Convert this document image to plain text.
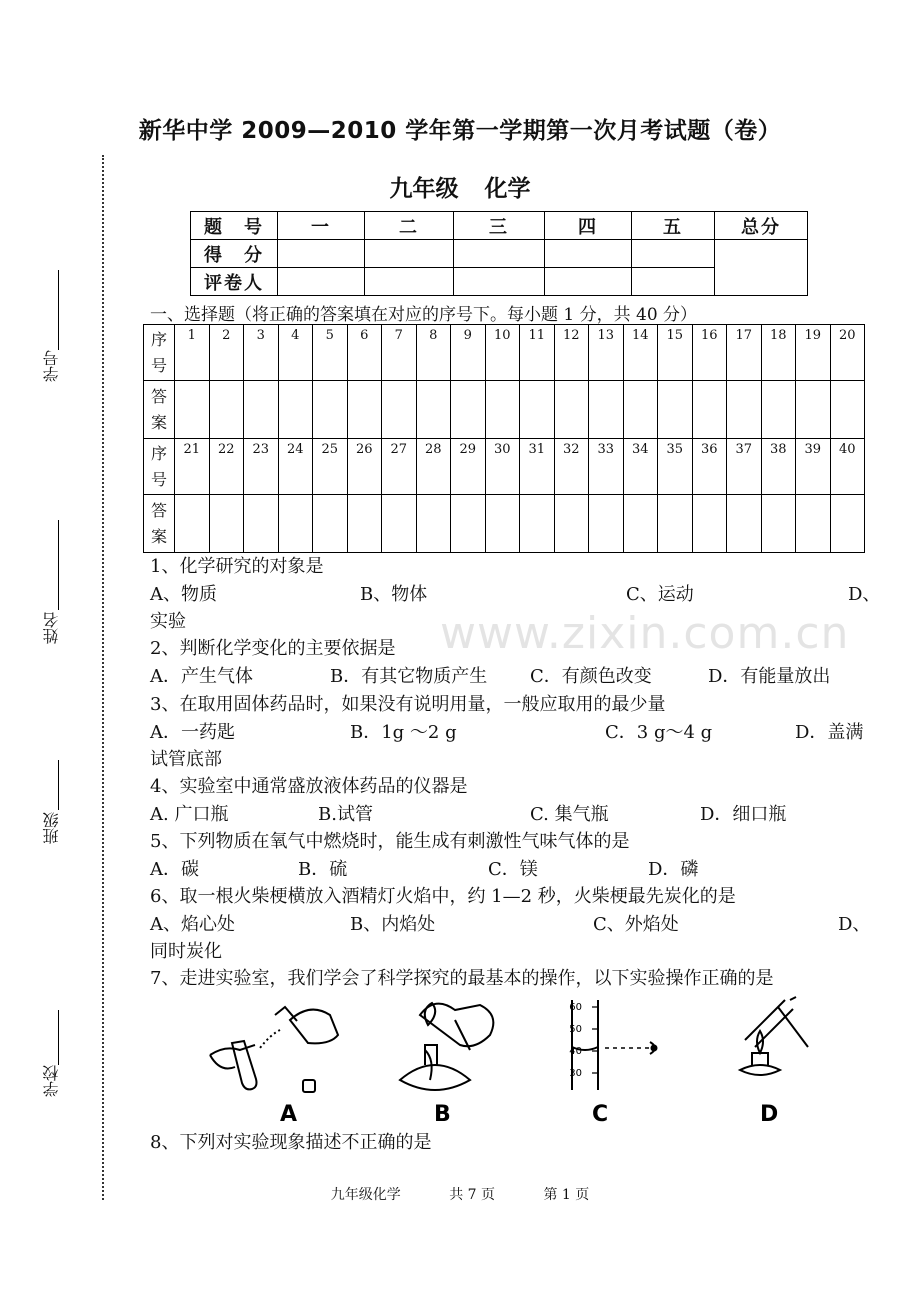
学号
姓名
班级
学校
新华中学 2009—2010 学年第一学期第一次月考试题（卷）
九年级 化学
题　号	一	二	三	四	五	总分
得　分						
评卷人						
一、选择题（将正确的答案填在对应的序号下。每小题 1 分，共 40 分）
序号	1	2	3	4	5	6	7	8	9	10	11	12	13	14	15	16	17	18	19	20
答案																				
序号	21	22	23	24	25	26	27	28	29	30	31	32	33	34	35	36	37	38	39	40
答案																				
1、化学研究的对象是
A、物质	B、物体	C、运动	D、
实验
2、判断化学变化的主要依据是
A．产生气体	B．有其它物质产生 C．有颜色改变	D．有能量放出
3、在取用固体药品时，如果没有说明用量，一般应取用的最少量
A．一药匙	B．1g ～2 g	C．3 g～4 g	D．盖满
试管底部
4、实验室中通常盛放液体药品的仪器是
A. 广口瓶	B.试管	C. 集气瓶	D．细口瓶
5、下列物质在氧气中燃烧时，能生成有刺激性气味气体的是
A．碳	B．硫	C．镁	D．磷
6、取一根火柴梗横放入酒精灯火焰中，约 1—2 秒，火柴梗最先炭化的是
A、焰心处	B、内焰处	C、外焰处	D、
同时炭化
7、走进实验室，我们学会了科学探究的最基本的操作，以下实验操作正确的是
A	B	C	D
60
50
40
30
8、下列对实验现象描述不正确的是
www.zixin.com.cn
九年级化学	共 7 页	第 1 页
